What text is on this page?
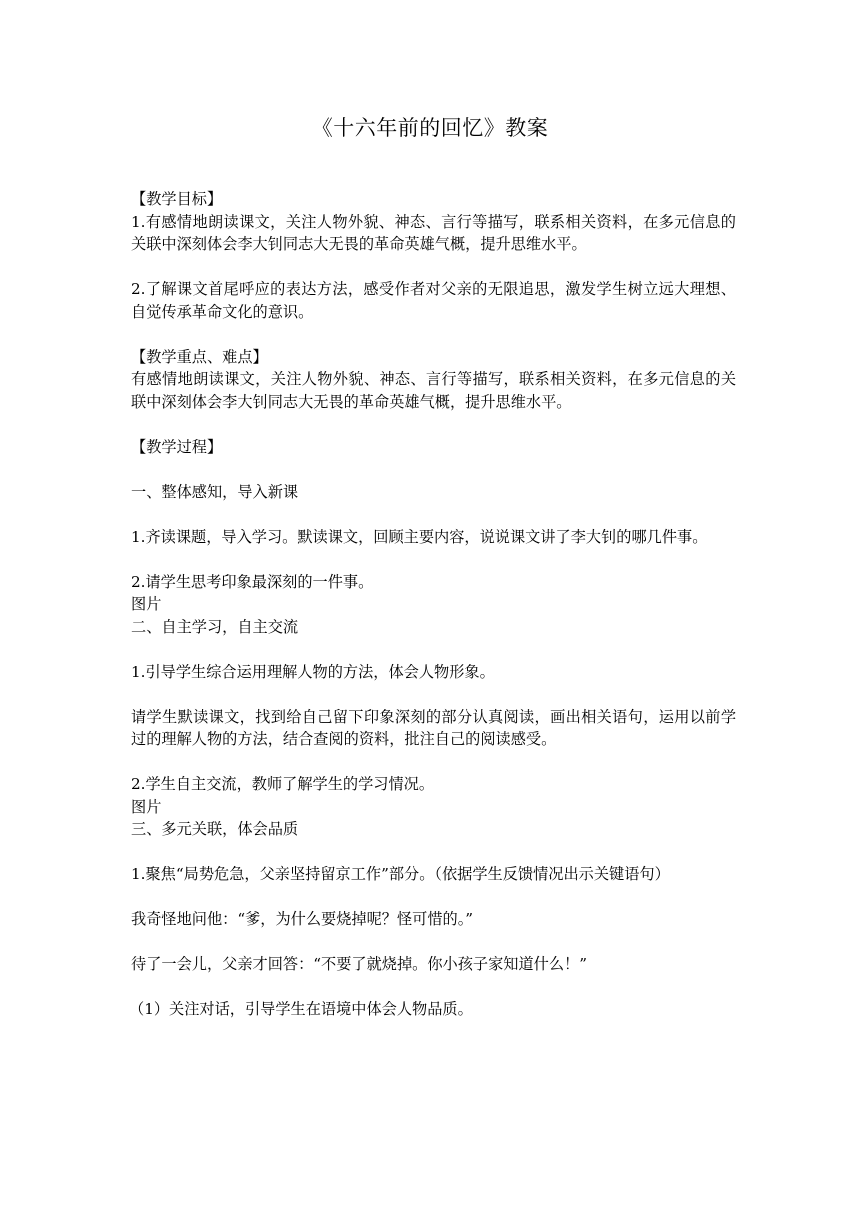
《十六年前的回忆》教案

【教学目标】

1.有感情地朗读课文，关注人物外貌、神态、言行等描写，联系相关资料，在多元信息的关联中深刻体会李大钊同志大无畏的革命英雄气概，提升思维水平。

2.了解课文首尾呼应的表达方法，感受作者对父亲的无限追思，激发学生树立远大理想、自觉传承革命文化的意识。

【教学重点、难点】

有感情地朗读课文，关注人物外貌、神态、言行等描写，联系相关资料，在多元信息的关联中深刻体会李大钊同志大无畏的革命英雄气概，提升思维水平。

【教学过程】

一、整体感知，导入新课

1.齐读课题，导入学习。默读课文，回顾主要内容，说说课文讲了李大钊的哪几件事。

2.请学生思考印象最深刻的一件事。

图片

二、自主学习，自主交流

1.引导学生综合运用理解人物的方法，体会人物形象。

请学生默读课文，找到给自己留下印象深刻的部分认真阅读，画出相关语句，运用以前学过的理解人物的方法，结合查阅的资料，批注自己的阅读感受。

2.学生自主交流，教师了解学生的学习情况。

图片

三、多元关联，体会品质

1.聚焦“局势危急，父亲坚持留京工作”部分。（依据学生反馈情况出示关键语句）

我奇怪地问他：“爹，为什么要烧掉呢？怪可惜的。”

待了一会儿，父亲才回答：“不要了就烧掉。你小孩子家知道什么！”

（1）关注对话，引导学生在语境中体会人物品质。
